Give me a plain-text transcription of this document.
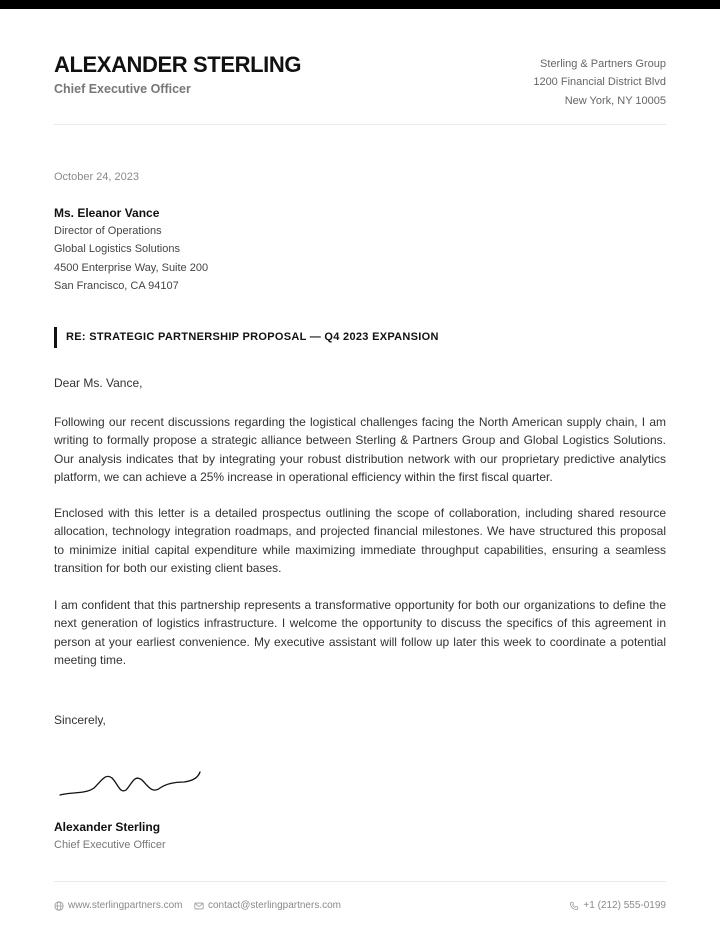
ALEXANDER STERLING
Chief Executive Officer
Sterling & Partners Group
1200 Financial District Blvd
New York, NY 10005
October 24, 2023
Ms. Eleanor Vance
Director of Operations
Global Logistics Solutions
4500 Enterprise Way, Suite 200
San Francisco, CA 94107
RE: STRATEGIC PARTNERSHIP PROPOSAL — Q4 2023 EXPANSION
Dear Ms. Vance,

Following our recent discussions regarding the logistical challenges facing the North American supply chain, I am writing to formally propose a strategic alliance between Sterling & Partners Group and Global Logistics Solutions. Our analysis indicates that by integrating your robust distribution network with our proprietary predictive analytics platform, we can achieve a 25% increase in operational efficiency within the first fiscal quarter.

Enclosed with this letter is a detailed prospectus outlining the scope of collaboration, including shared resource allocation, technology integration roadmaps, and projected financial milestones. We have structured this proposal to minimize initial capital expenditure while maximizing immediate throughput capabilities, ensuring a seamless transition for both our existing client bases.

I am confident that this partnership represents a transformative opportunity for both our organizations to define the next generation of logistics infrastructure. I welcome the opportunity to discuss the specifics of this agreement in person at your earliest convenience. My executive assistant will follow up later this week to coordinate a potential meeting time.

Sincerely,
Alexander Sterling
Chief Executive Officer
www.sterlingpartners.com	contact@sterlingpartners.com	+1 (212) 555-0199
